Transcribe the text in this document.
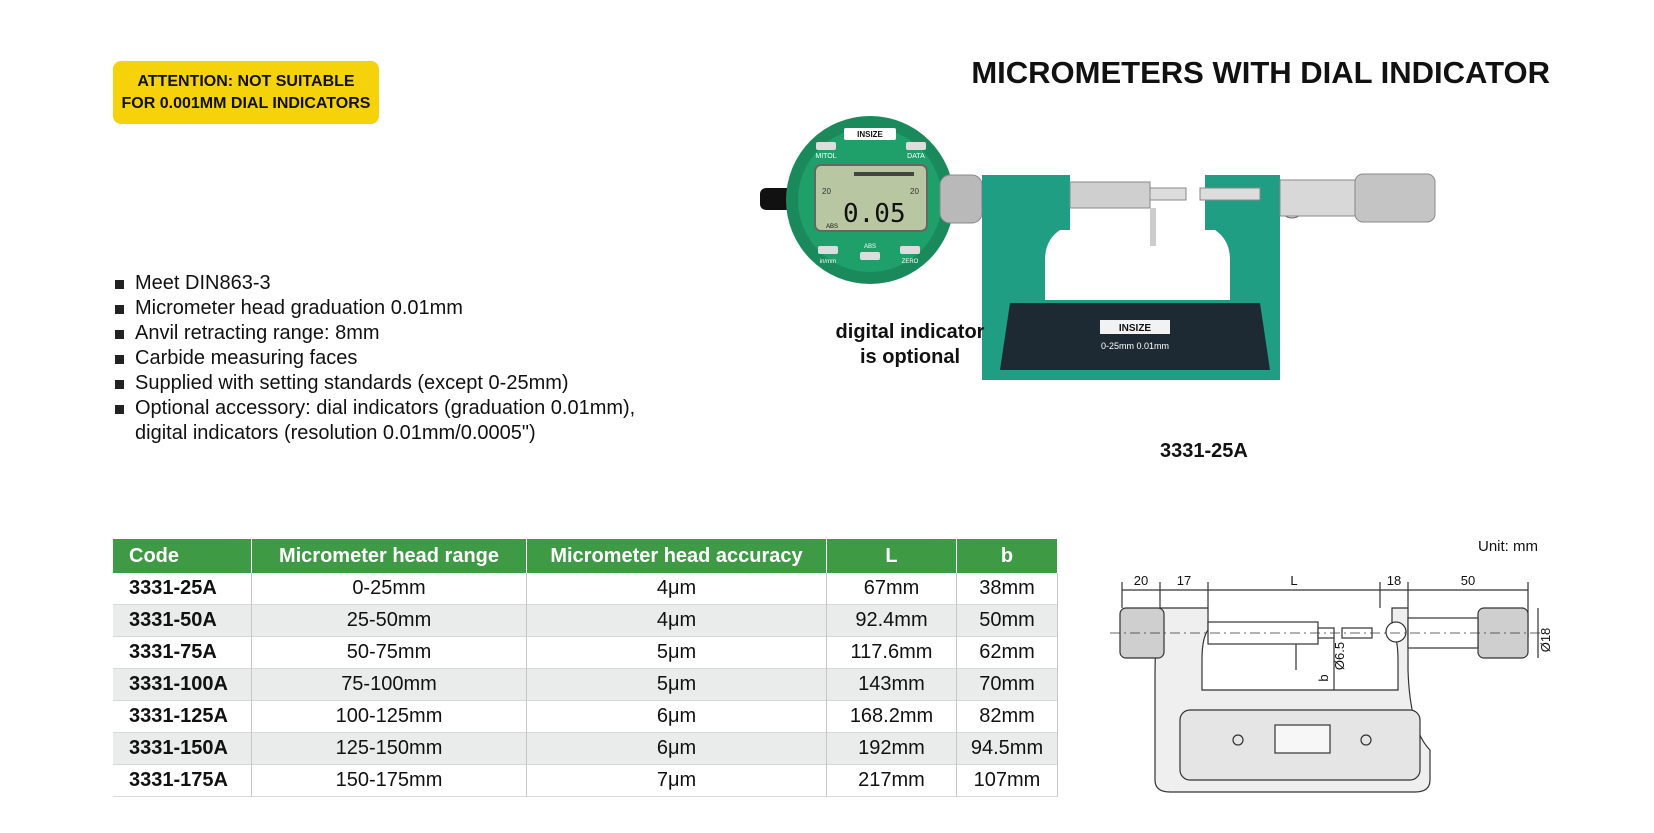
ATTENTION: NOT SUITABLE
FOR 0.001MM DIAL INDICATORS
MICROMETERS WITH DIAL INDICATOR
Meet DIN863-3
Micrometer head graduation 0.01mm
Anvil retracting range: 8mm
Carbide measuring faces
Supplied with setting standards (except 0-25mm)
Optional accessory: dial indicators (graduation 0.01mm),
digital indicators (resolution 0.01mm/0.0005")
20	20
0.05
ABS
INSIZE
MITOL	DATA
in/mm
ABS
ZERO
INSIZE
0-25mm 0.01mm
digital indicator
is optional
3331-25A
Code	Micrometer head range	Micrometer head accuracy	L	b
3331-25A	0-25mm	4μm	67mm	38mm
3331-50A	25-50mm	4μm	92.4mm	50mm
3331-75A	50-75mm	5μm	117.6mm	62mm
3331-100A	75-100mm	5μm	143mm	70mm
3331-125A	100-125mm	6μm	168.2mm	82mm
3331-150A	125-150mm	6μm	192mm	94.5mm
3331-175A	150-175mm	7μm	217mm	107mm
Unit: mm
20 17	L	18	50
Ø18
Ø6.5
b
